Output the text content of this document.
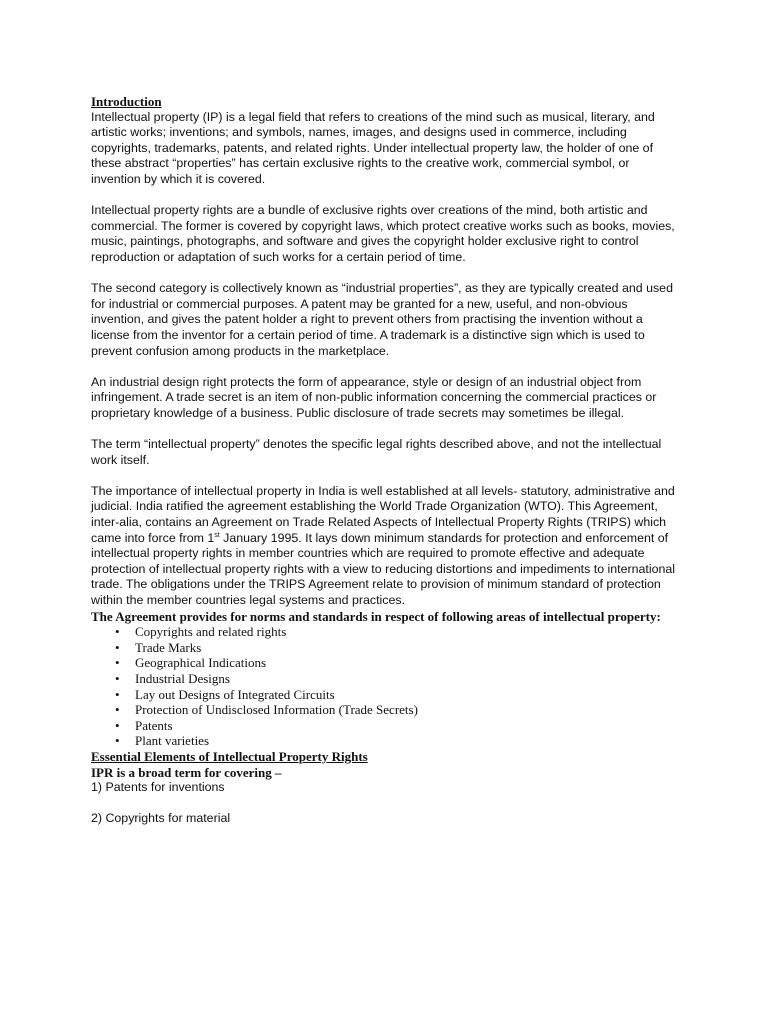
Introduction

Intellectual property (IP) is a legal field that refers to creations of the mind such as musical, literary, and artistic works; inventions; and symbols, names, images, and designs used in commerce, including copyrights, trademarks, patents, and related rights. Under intellectual property law, the holder of one of these abstract “properties” has certain exclusive rights to the creative work, commercial symbol, or invention by which it is covered.

Intellectual property rights are a bundle of exclusive rights over creations of the mind, both artistic and commercial. The former is covered by copyright laws, which protect creative works such as books, movies, music, paintings, photographs, and software and gives the copyright holder exclusive right to control reproduction or adaptation of such works for a certain period of time.

The second category is collectively known as “industrial properties”, as they are typically created and used for industrial or commercial purposes. A patent may be granted for a new, useful, and non-obvious invention, and gives the patent holder a right to prevent others from practising the invention without a license from the inventor for a certain period of time. A trademark is a distinctive sign which is used to prevent confusion among products in the marketplace.

An industrial design right protects the form of appearance, style or design of an industrial object from infringement. A trade secret is an item of non-public information concerning the commercial practices or proprietary knowledge of a business. Public disclosure of trade secrets may sometimes be illegal.

The term “intellectual property” denotes the specific legal rights described above, and not the intellectual work itself.

The importance of intellectual property in India is well established at all levels- statutory, administrative and judicial. India ratified the agreement establishing the World Trade Organization (WTO). This Agreement, inter-alia, contains an Agreement on Trade Related Aspects of Intellectual Property Rights (TRIPS) which came into force from 1st January 1995. It lays down minimum standards for protection and enforcement of intellectual property rights in member countries which are required to promote effective and adequate protection of intellectual property rights with a view to reducing distortions and impediments to international trade. The obligations under the TRIPS Agreement relate to provision of minimum standard of protection within the member countries legal systems and practices.

The Agreement provides for norms and standards in respect of following areas of intellectual property:

• Copyrights and related rights
• Trade Marks
• Geographical Indications
• Industrial Designs
• Lay out Designs of Integrated Circuits
• Protection of Undisclosed Information (Trade Secrets)
• Patents
• Plant varieties

Essential Elements of Intellectual Property Rights

IPR is a broad term for covering –

1) Patents for inventions

2) Copyrights for material
